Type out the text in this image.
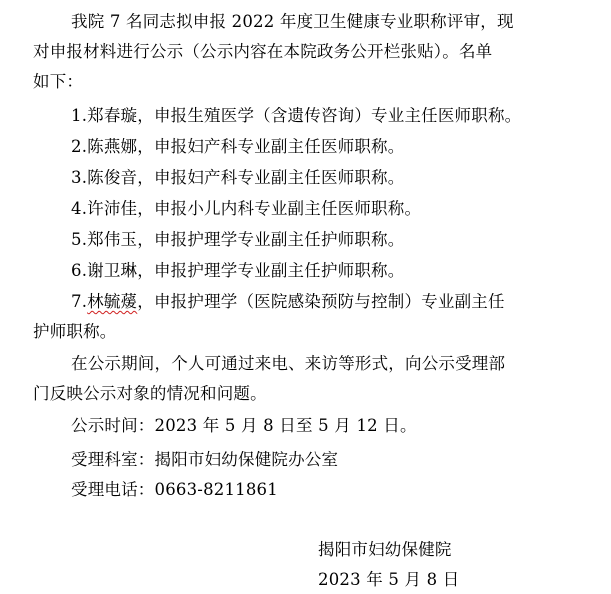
我院 7 名同志拟申报 2022 年度卫生健康专业职称评审，现
对申报材料进行公示（公示内容在本院政务公开栏张贴）。名单
如下：
1.郑春璇，申报生殖医学（含遗传咨询）专业主任医师职称。
2.陈燕娜，申报妇产科专业副主任医师职称。
3.陈俊音，申报妇产科专业副主任医师职称。
4.许沛佳，申报小儿内科专业副主任医师职称。
5.郑伟玉，申报护理学专业副主任护师职称。
6.谢卫琳，申报护理学专业副主任护师职称。
7.林毓蕿，申报护理学（医院感染预防与控制）专业副主任
护师职称。
在公示期间，个人可通过来电、来访等形式，向公示受理部
门反映公示对象的情况和问题。
公示时间：2023 年 5 月 8 日至 5 月 12 日。
受理科室：揭阳市妇幼保健院办公室
受理电话：0663-8211861
揭阳市妇幼保健院
2023 年 5 月 8 日
